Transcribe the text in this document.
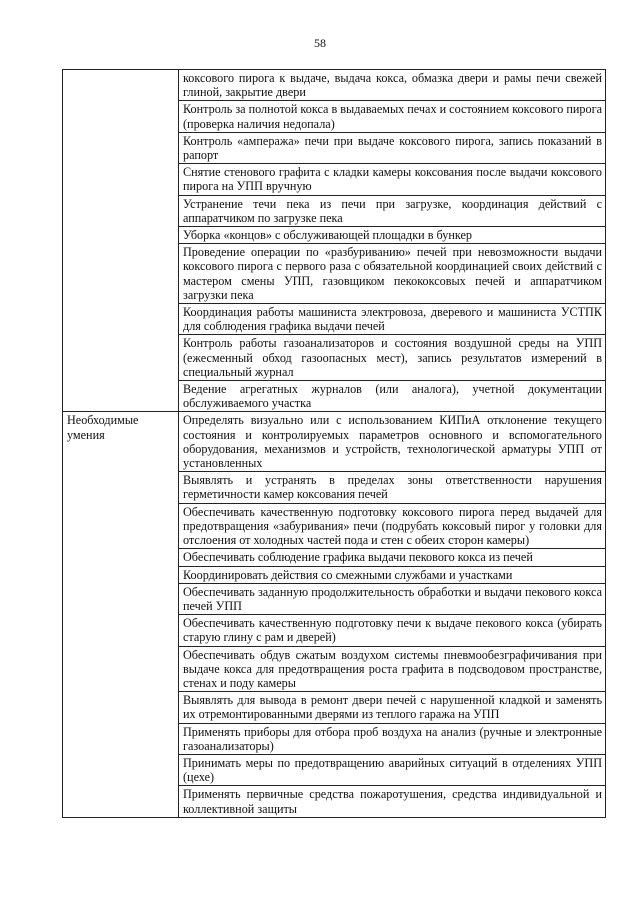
58
	коксового пирога к выдаче, выдача кокса, обмазка двери и рамы печи свежей глиной, закрытие двери
	Контроль за полнотой кокса в выдаваемых печах и состоянием коксового пирога (проверка наличия недопала)
	Контроль «ампеража» печи при выдаче коксового пирога, запись показаний в рапорт
	Снятие стенового графита с кладки камеры коксования после выдачи коксового пирога на УПП вручную
	Устранение течи пека из печи при загрузке, координация действий с аппаратчиком по загрузке пека
	Уборка «концов» с обслуживающей площадки в бункер
	Проведение операции по «разбуриванию» печей при невозможности выдачи коксового пирога с первого раза с обязательной координацией своих действий с мастером смены УПП, газовщиком пекококсовых печей и аппаратчиком загрузки пека
	Координация работы машиниста электровоза, дверевого и машиниста УСТПК для соблюдения графика выдачи печей
	Контроль работы газоанализаторов и состояния воздушной среды на УПП (ежесменный обход газоопасных мест), запись результатов измерений в специальный журнал
	Ведение агрегатных журналов (или аналога), учетной документации обслуживаемого участка
Необходимые умения	Определять визуально или с использованием КИПиА отклонение текущего состояния и контролируемых параметров основного и вспомогательного оборудования, механизмов и устройств, технологической арматуры УПП от установленных
	Выявлять и устранять в пределах зоны ответственности нарушения герметичности камер коксования печей
	Обеспечивать качественную подготовку коксового пирога перед выдачей для предотвращения «забуривания» печи (подрубать коксовый пирог у головки для отслоения от холодных частей пода и стен с обеих сторон камеры)
	Обеспечивать соблюдение графика выдачи пекового кокса из печей
	Координировать действия со смежными службами и участками
	Обеспечивать заданную продолжительность обработки и выдачи пекового кокса печей УПП
	Обеспечивать качественную подготовку печи к выдаче пекового кокса (убирать старую глину с рам и дверей)
	Обеспечивать обдув сжатым воздухом системы пневмообезграфичивания при выдаче кокса для предотвращения роста графита в подсводовом пространстве, стенах и поду камеры
	Выявлять для вывода в ремонт двери печей с нарушенной кладкой и заменять их отремонтированными дверями из теплого гаража на УПП
	Применять приборы для отбора проб воздуха на анализ (ручные и электронные газоанализаторы)
	Принимать меры по предотвращению аварийных ситуаций в отделениях УПП (цехе)
	Применять первичные средства пожаротушения, средства индивидуальной и коллективной защиты
